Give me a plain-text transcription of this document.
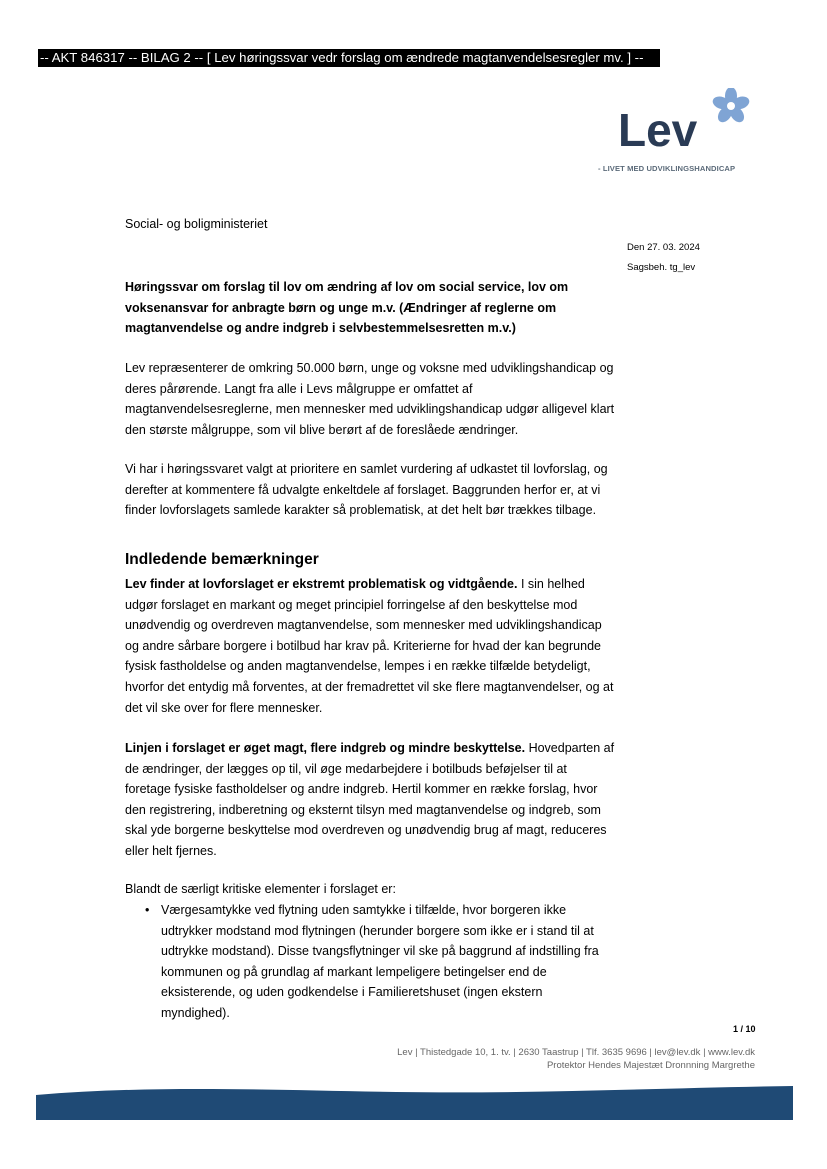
-- AKT 846317 -- BILAG 2 -- [ Lev høringssvar vedr forslag om ændrede magtanvendelsesregler mv. ] --
Lev
- LIVET MED UDVIKLINGSHANDICAP
Social- og boligministeriet
Den 27. 03. 2024
Sagsbeh. tg_lev
Høringssvar om forslag til lov om ændring af lov om social service, lov om voksenansvar for anbragte børn og unge m.v. (Ændringer af reglerne om magtanvendelse og andre indgreb i selvbestemmelsesretten m.v.)
Lev repræsenterer de omkring 50.000 børn, unge og voksne med udviklingshandicap og deres pårørende. Langt fra alle i Levs målgruppe er omfattet af magtanvendelsesreglerne, men mennesker med udviklingshandicap udgør alligevel klart den største målgruppe, som vil blive berørt af de foreslåede ændringer.
Vi har i høringssvaret valgt at prioritere en samlet vurdering af udkastet til lovforslag, og derefter at kommentere få udvalgte enkeltdele af forslaget. Baggrunden herfor er, at vi finder lovforslagets samlede karakter så problematisk, at det helt bør trækkes tilbage.
Indledende bemærkninger
Lev finder at lovforslaget er ekstremt problematisk og vidtgående. I sin helhed udgør forslaget en markant og meget principiel forringelse af den beskyttelse mod unødvendig og overdreven magtanvendelse, som mennesker med udviklingshandicap og andre sårbare borgere i botilbud har krav på. Kriterierne for hvad der kan begrunde fysisk fastholdelse og anden magtanvendelse, lempes i en række tilfælde betydeligt, hvorfor det entydig må forventes, at der fremadrettet vil ske flere magtanvendelser, og at det vil ske over for flere mennesker.
Linjen i forslaget er øget magt, flere indgreb og mindre beskyttelse. Hovedparten af de ændringer, der lægges op til, vil øge medarbejdere i botilbuds beføjelser til at foretage fysiske fastholdelser og andre indgreb. Hertil kommer en række forslag, hvor den registrering, indberetning og eksternt tilsyn med magtanvendelse og indgreb, som skal yde borgerne beskyttelse mod overdreven og unødvendig brug af magt, reduceres eller helt fjernes.
Blandt de særligt kritiske elementer i forslaget er:
• Værgesamtykke ved flytning uden samtykke i tilfælde, hvor borgeren ikke udtrykker modstand mod flytningen (herunder borgere som ikke er i stand til at udtrykke modstand). Disse tvangsflytninger vil ske på baggrund af indstilling fra kommunen og på grundlag af markant lempeligere betingelser end de eksisterende, og uden godkendelse i Familieretshuset (ingen ekstern myndighed).
1 / 10
Lev | Thistedgade 10, 1. tv. | 2630 Taastrup | Tlf. 3635 9696 | lev@lev.dk | www.lev.dk
Protektor Hendes Majestæt Dronnning Margrethe
